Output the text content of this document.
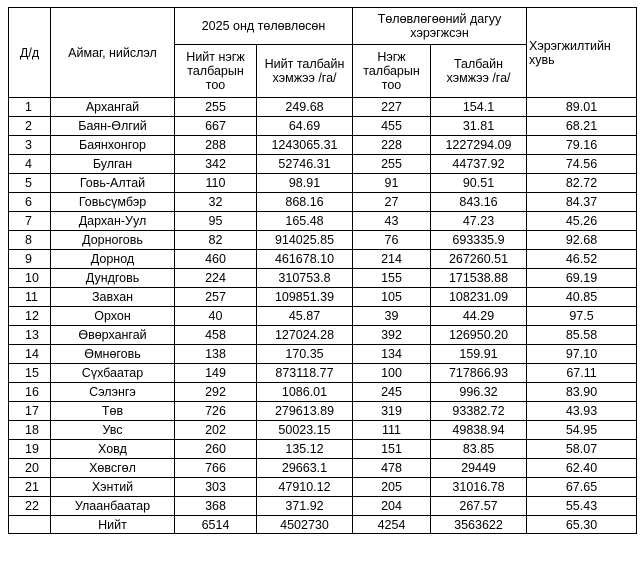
Д/д	Аймаг, нийслэл	2025 онд төлөвлөсөн		Төлөвлөгөөний дагуу хэрэгжсэн		Хэрэгжилтийн хувь
		Нийт нэгж талбарын тоо	Нийт талбайн хэмжээ /га/	Нэгж талбарын тоо	Талбайн хэмжээ /га/	
1	Архангай	255	249.68	227	154.1	89.01
2	Баян-Өлгий	667	64.69	455	31.81	68.21
3	Баянхонгор	288	1243065.31	228	1227294.09	79.16
4	Булган	342	52746.31	255	44737.92	74.56
5	Говь-Алтай	110	98.91	91	90.51	82.72
6	Говьсүмбэр	32	868.16	27	843.16	84.37
7	Дархан-Уул	95	165.48	43	47.23	45.26
8	Дорноговь	82	914025.85	76	693335.9	92.68
9	Дорнод	460	461678.10	214	267260.51	46.52
10	Дундговь	224	310753.8	155	171538.88	69.19
11	Завхан	257	109851.39	105	108231.09	40.85
12	Орхон	40	45.87	39	44.29	97.5
13	Өвөрхангай	458	127024.28	392	126950.20	85.58
14	Өмнөговь	138	170.35	134	159.91	97.10
15	Сүхбаатар	149	873118.77	100	717866.93	67.11
16	Сэлэнгэ	292	1086.01	245	996.32	83.90
17	Төв	726	279613.89	319	93382.72	43.93
18	Увс	202	50023.15	111	49838.94	54.95
19	Ховд	260	135.12	151	83.85	58.07
20	Хөвсгөл	766	29663.1	478	29449	62.40
21	Хэнтий	303	47910.12	205	31016.78	67.65
22	Улаанбаатар	368	371.92	204	267.57	55.43
	Нийт	6514	4502730	4254	3563622	65.30
